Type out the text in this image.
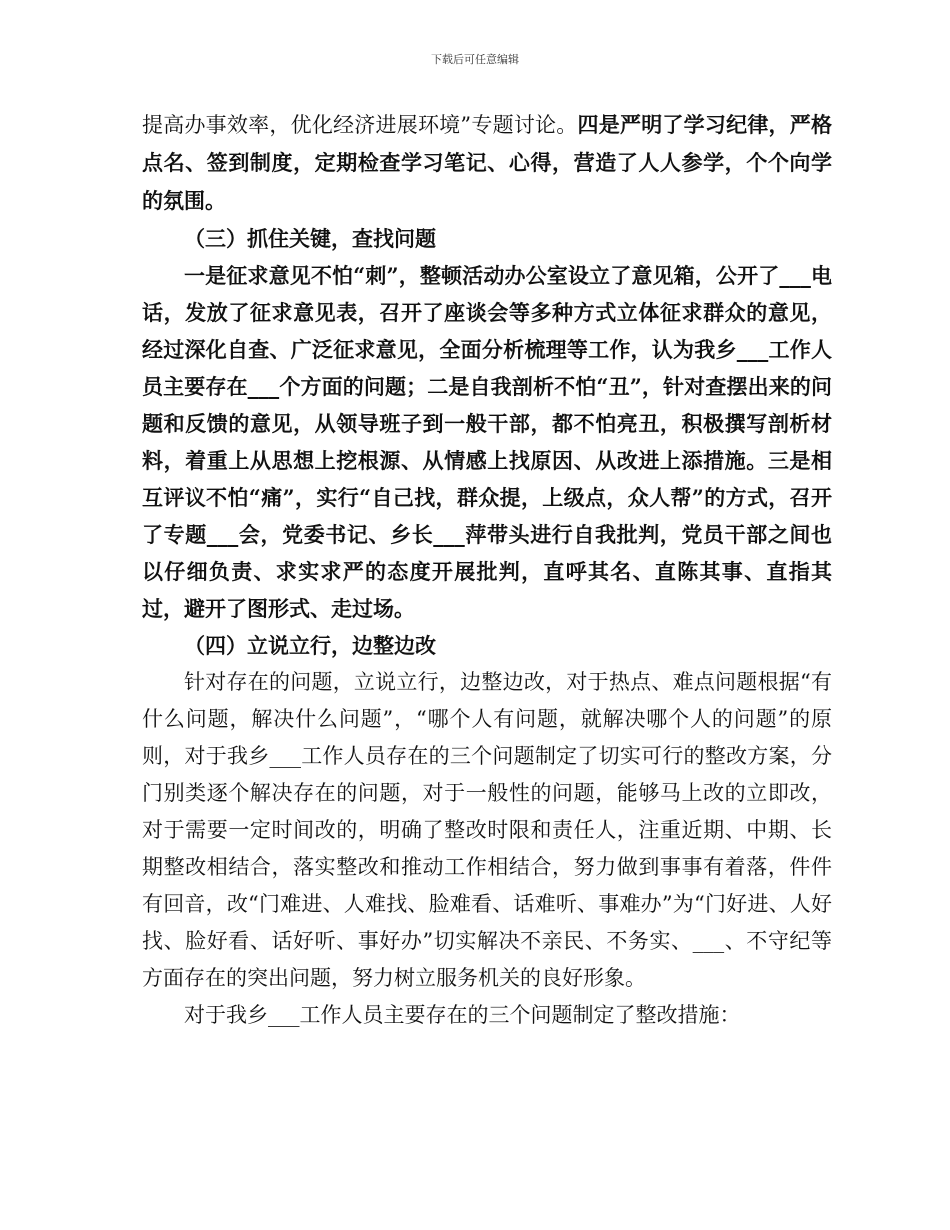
下载后可任意编辑

提高办事效率，优化经济进展环境”专题讨论。四是严明了学习纪律，严格点名、签到制度，定期检查学习笔记、心得，营造了人人参学，个个向学的氛围。

（三）抓住关键，查找问题

一是征求意见不怕“刺”，整顿活动办公室设立了意见箱，公开了___电话，发放了征求意见表，召开了座谈会等多种方式立体征求群众的意见，经过深化自查、广泛征求意见，全面分析梳理等工作，认为我乡___工作人员主要存在___个方面的问题；二是自我剖析不怕“丑”，针对查摆出来的问题和反馈的意见，从领导班子到一般干部，都不怕亮丑，积极撰写剖析材料，着重上从思想上挖根源、从情感上找原因、从改进上添措施。三是相互评议不怕“痛”，实行“自己找，群众提，上级点，众人帮”的方式，召开了专题___会，党委书记、乡长___萍带头进行自我批判，党员干部之间也以仔细负责、求实求严的态度开展批判，直呼其名、直陈其事、直指其过，避开了图形式、走过场。

（四）立说立行，边整边改

针对存在的问题，立说立行，边整边改，对于热点、难点问题根据“有什么问题，解决什么问题”，“哪个人有问题，就解决哪个人的问题”的原则，对于我乡___工作人员存在的三个问题制定了切实可行的整改方案，分门别类逐个解决存在的问题，对于一般性的问题，能够马上改的立即改，对于需要一定时间改的，明确了整改时限和责任人，注重近期、中期、长期整改相结合，落实整改和推动工作相结合，努力做到事事有着落，件件有回音，改“门难进、人难找、脸难看、话难听、事难办”为“门好进、人好找、脸好看、话好听、事好办”切实解决不亲民、不务实、___、不守纪等方面存在的突出问题，努力树立服务机关的良好形象。

对于我乡___工作人员主要存在的三个问题制定了整改措施：
